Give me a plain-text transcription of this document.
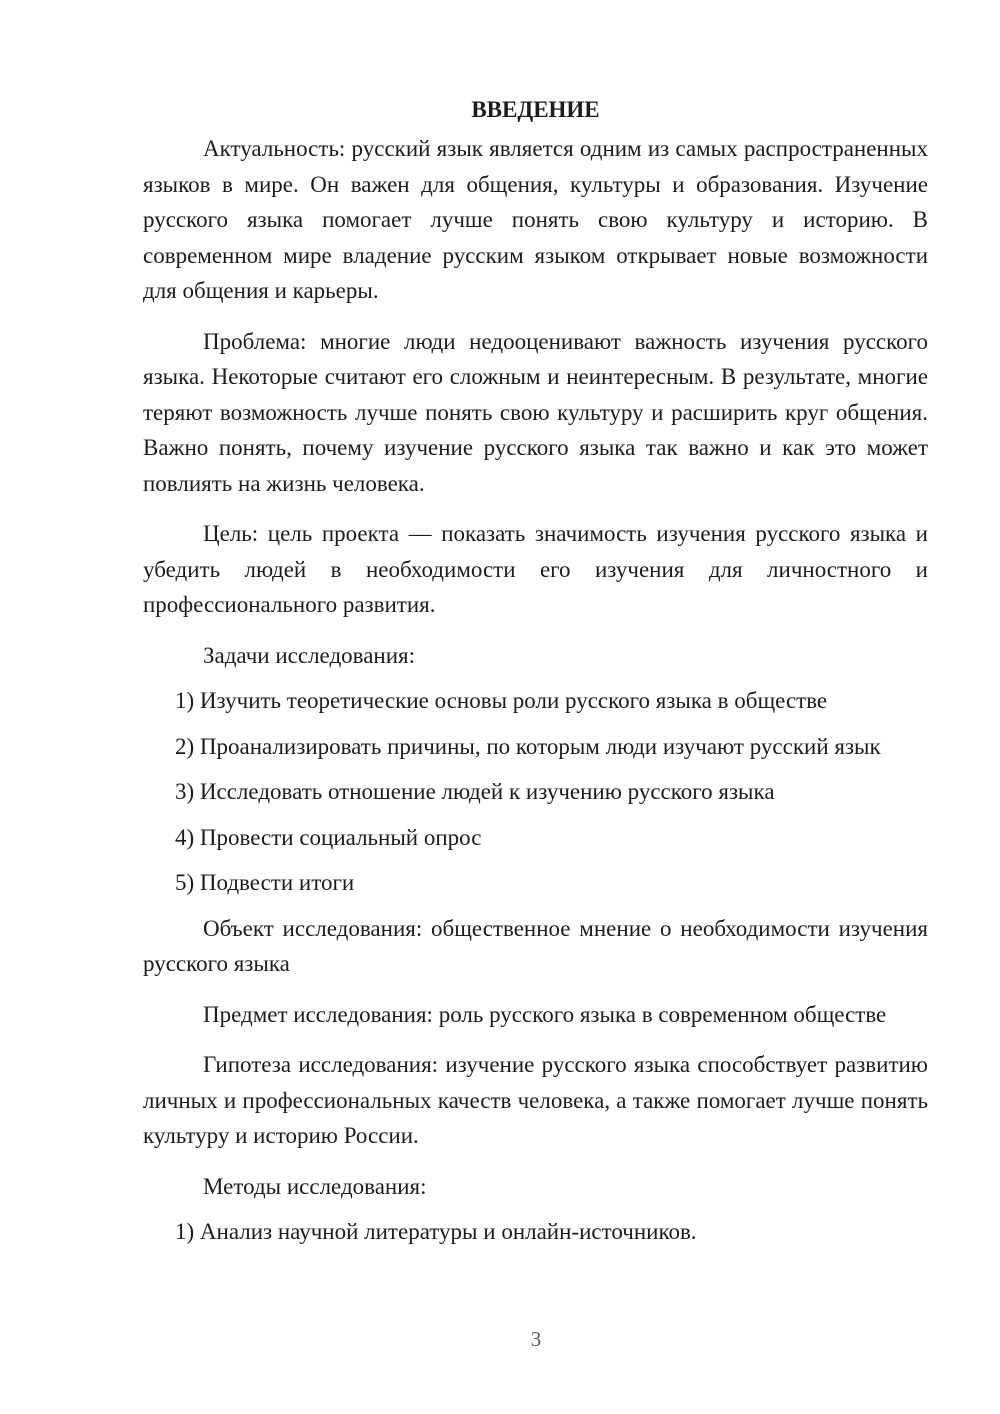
ВВЕДЕНИЕ

Актуальность: русский язык является одним из самых распространенных языков в мире. Он важен для общения, культуры и образования. Изучение русского языка помогает лучше понять свою культуру и историю. В современном мире владение русским языком открывает новые возможности для общения и карьеры.

Проблема: многие люди недооценивают важность изучения русского языка. Некоторые считают его сложным и неинтересным. В результате, многие теряют возможность лучше понять свою культуру и расширить круг общения. Важно понять, почему изучение русского языка так важно и как это может повлиять на жизнь человека.

Цель: цель проекта — показать значимость изучения русского языка и убедить людей в необходимости его изучения для личностного и профессионального развития.

Задачи исследования:

1) Изучить теоретические основы роли русского языка в обществе

2) Проанализировать причины, по которым люди изучают русский язык

3) Исследовать отношение людей к изучению русского языка

4) Провести социальный опрос

5) Подвести итоги

Объект исследования: общественное мнение о необходимости изучения русского языка

Предмет исследования: роль русского языка в современном обществе

Гипотеза исследования: изучение русского языка способствует развитию личных и профессиональных качеств человека, а также помогает лучше понять культуру и историю России.

Методы исследования:

1) Анализ научной литературы и онлайн-источников.

3
